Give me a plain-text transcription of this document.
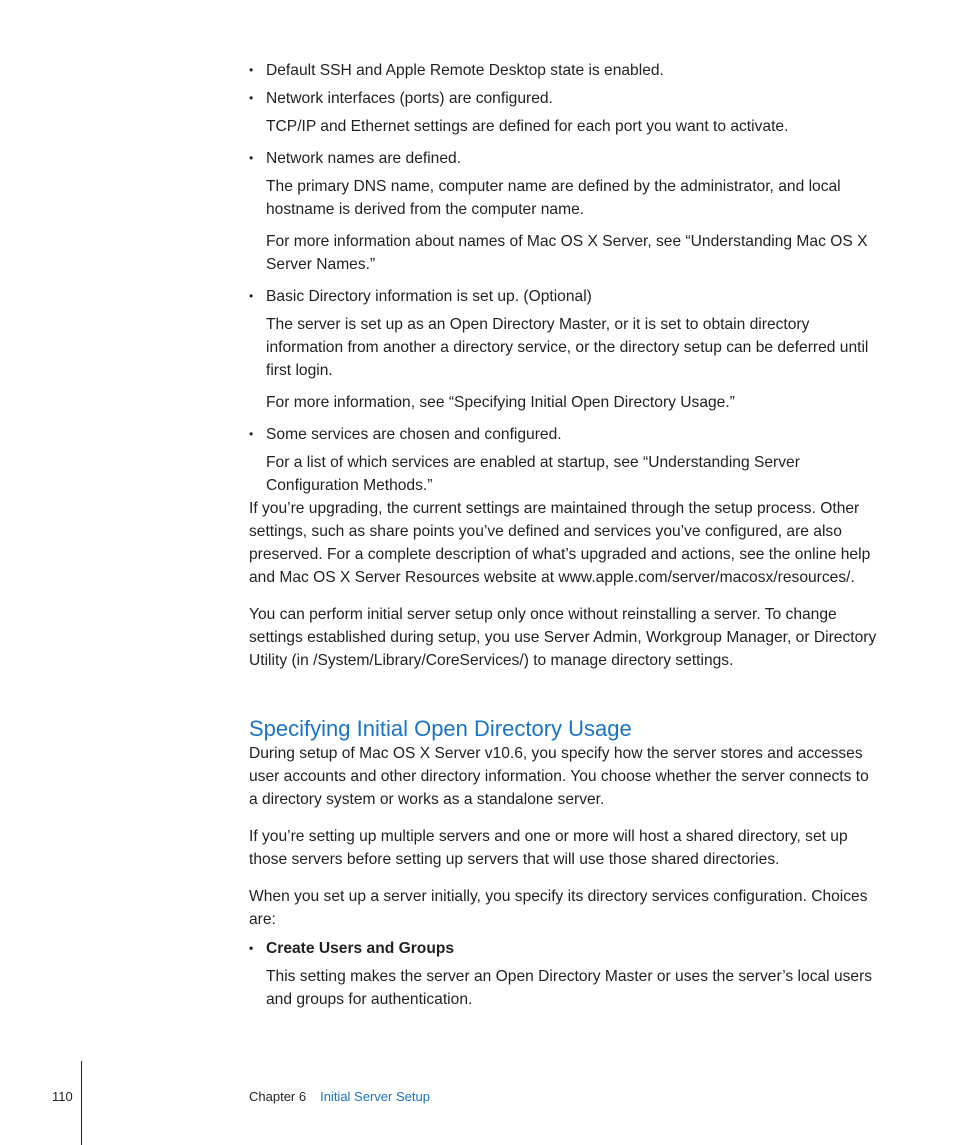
• Default SSH and Apple Remote Desktop state is enabled.

• Network interfaces (ports) are configured.

TCP/IP and Ethernet settings are defined for each port you want to activate.

• Network names are defined.

The primary DNS name, computer name are defined by the administrator, and local hostname is derived from the computer name.

For more information about names of Mac OS X Server, see “Understanding Mac OS X Server Names.”

• Basic Directory information is set up. (Optional)

The server is set up as an Open Directory Master, or it is set to obtain directory information from another a directory service, or the directory setup can be deferred until first login.

For more information, see “Specifying Initial Open Directory Usage.”

• Some services are chosen and configured.

For a list of which services are enabled at startup, see “Understanding Server Configuration Methods.”

If you’re upgrading, the current settings are maintained through the setup process. Other settings, such as share points you’ve defined and services you’ve configured, are also preserved. For a complete description of what’s upgraded and actions, see the online help and Mac OS X Server Resources website at www.apple.com/server/macosx/resources/.

You can perform initial server setup only once without reinstalling a server. To change settings established during setup, you use Server Admin, Workgroup Manager, or Directory Utility (in /System/Library/CoreServices/) to manage directory settings.

Specifying Initial Open Directory Usage

During setup of Mac OS X Server v10.6, you specify how the server stores and accesses user accounts and other directory information. You choose whether the server connects to a directory system or works as a standalone server.

If you’re setting up multiple servers and one or more will host a shared directory, set up those servers before setting up servers that will use those shared directories.

When you set up a server initially, you specify its directory services configuration. Choices are:

• Create Users and Groups

This setting makes the server an Open Directory Master or uses the server’s local users and groups for authentication.

110	Chapter 6 Initial Server Setup
